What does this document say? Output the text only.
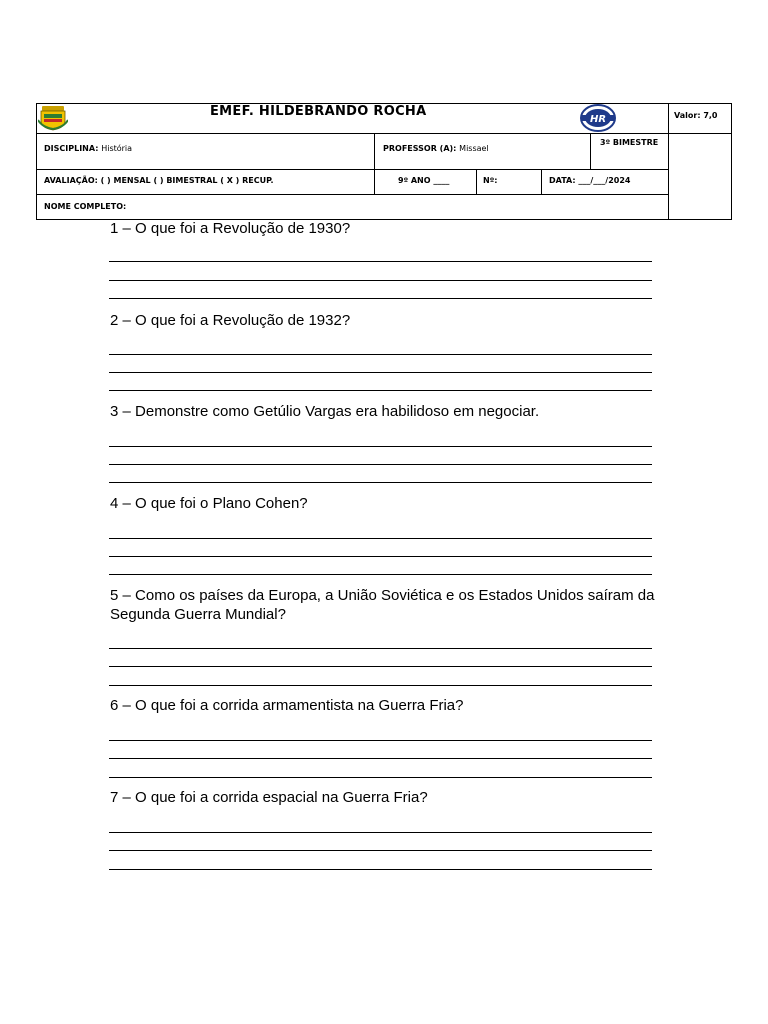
EMEF. HILDEBRANDO ROCHA
HR	Valor: 7,0
DISCIPLINA: História	PROFESSOR (A): Missael
3º BIMESTRE
AVALIAÇÃO: ( ) MENSAL ( ) BIMESTRAL ( X ) RECUP.	9º ANO ____	Nº:	DATA: ___/___/2024
NOME COMPLETO:
1 – O que foi a Revolução de 1930?
2 – O que foi a Revolução de 1932?
3 – Demonstre como Getúlio Vargas era habilidoso em negociar.
4 – O que foi o Plano Cohen?
5 – Como os países da Europa, a União Soviética e os Estados Unidos saíram da Segunda Guerra Mundial?
6 – O que foi a corrida armamentista na Guerra Fria?
7 – O que foi a corrida espacial na Guerra Fria?
